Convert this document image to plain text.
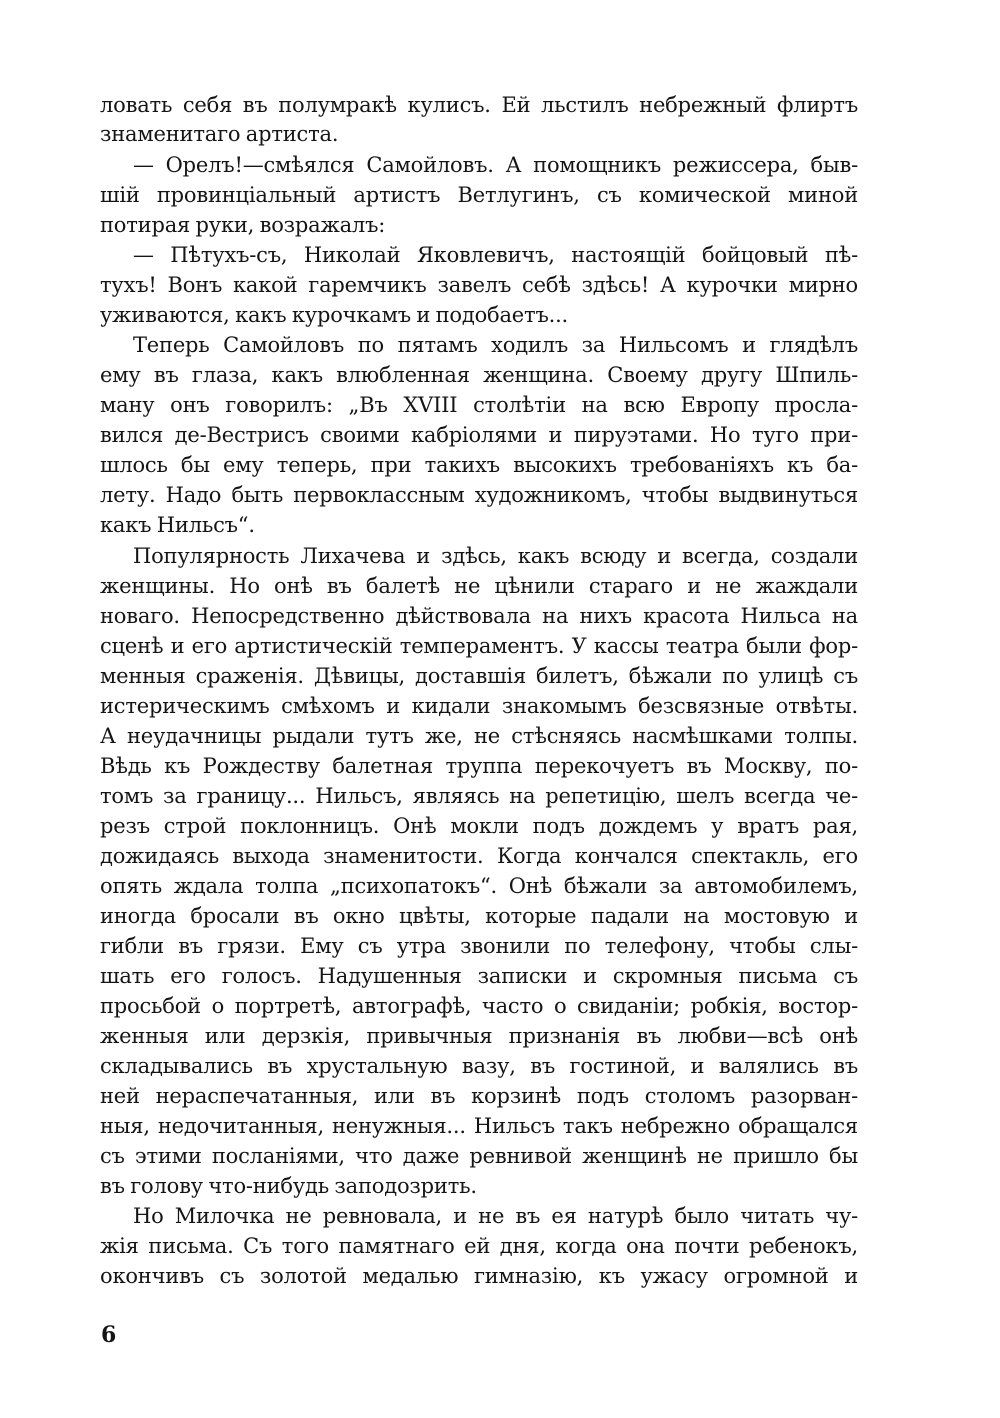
ловать себя въ полумракѣ кулисъ. Ей льстилъ небрежный флиртъ
знаменитаго артиста.
— Орелъ!—смѣялся Самойловъ. А помощникъ режиссера, быв-
шій провинціальный артистъ Ветлугинъ, съ комической миной
потирая руки, возражалъ:
— Пѣтухъ-съ, Николай Яковлевичъ, настоящій бойцовый пѣ-
тухъ! Вонъ какой гаремчикъ завелъ себѣ здѣсь! А курочки мирно
уживаются, какъ курочкамъ и подобаетъ...
Теперь Самойловъ по пятамъ ходилъ за Нильсомъ и глядѣлъ
ему въ глаза, какъ влюбленная женщина. Своему другу Шпиль-
ману онъ говорилъ: „Въ XVIII столѣтіи на всю Европу просла-
вился де-Вестрисъ своими кабріолями и пируэтами. Но туго при-
шлось бы ему теперь, при такихъ высокихъ требованіяхъ къ ба-
лету. Надо быть первоклассным художникомъ, чтобы выдвинуться
какъ Нильсъ“.
Популярность Лихачева и здѣсь, какъ всюду и всегда, создали
женщины. Но онѣ въ балетѣ не цѣнили стараго и не жаждали
новаго. Непосредственно дѣйствовала на нихъ красота Нильса на
сценѣ и его артистическій темпераментъ. У кассы театра были фор-
менныя сраженія. Дѣвицы, доставшія билетъ, бѣжали по улицѣ съ
истерическимъ смѣхомъ и кидали знакомымъ безсвязные отвѣты.
А неудачницы рыдали тутъ же, не стѣсняясь насмѣшками толпы.
Вѣдь къ Рождеству балетная труппа перекочуетъ въ Москву, по-
томъ за границу... Нильсъ, являясь на репетицію, шелъ всегда че-
резъ строй поклонницъ. Онѣ мокли подъ дождемъ у вратъ рая,
дожидаясь выхода знаменитости. Когда кончался спектакль, его
опять ждала толпа „психопатокъ“. Онѣ бѣжали за автомобилемъ,
иногда бросали въ окно цвѣты, которые падали на мостовую и
гибли въ грязи. Ему съ утра звонили по телефону, чтобы слы-
шать его голосъ. Надушенныя записки и скромныя письма съ
просьбой о портретѣ, автографѣ, часто о свиданіи; робкія, востор-
женныя или дерзкія, привычныя признанія въ любви—всѣ онѣ
складывались въ хрустальную вазу, въ гостиной, и валялись въ
ней нераспечатанныя, или въ корзинѣ подъ столомъ разорван-
ныя, недочитанныя, ненужныя... Нильсъ такъ небрежно обращался
съ этими посланіями, что даже ревнивой женщинѣ не пришло бы
въ голову что-нибудь заподозрить.
Но Милочка не ревновала, и не въ ея натурѣ было читать чу-
жія письма. Съ того памятнаго ей дня, когда она почти ребенокъ,
окончивъ съ золотой медалью гимназію, къ ужасу огромной и
6
